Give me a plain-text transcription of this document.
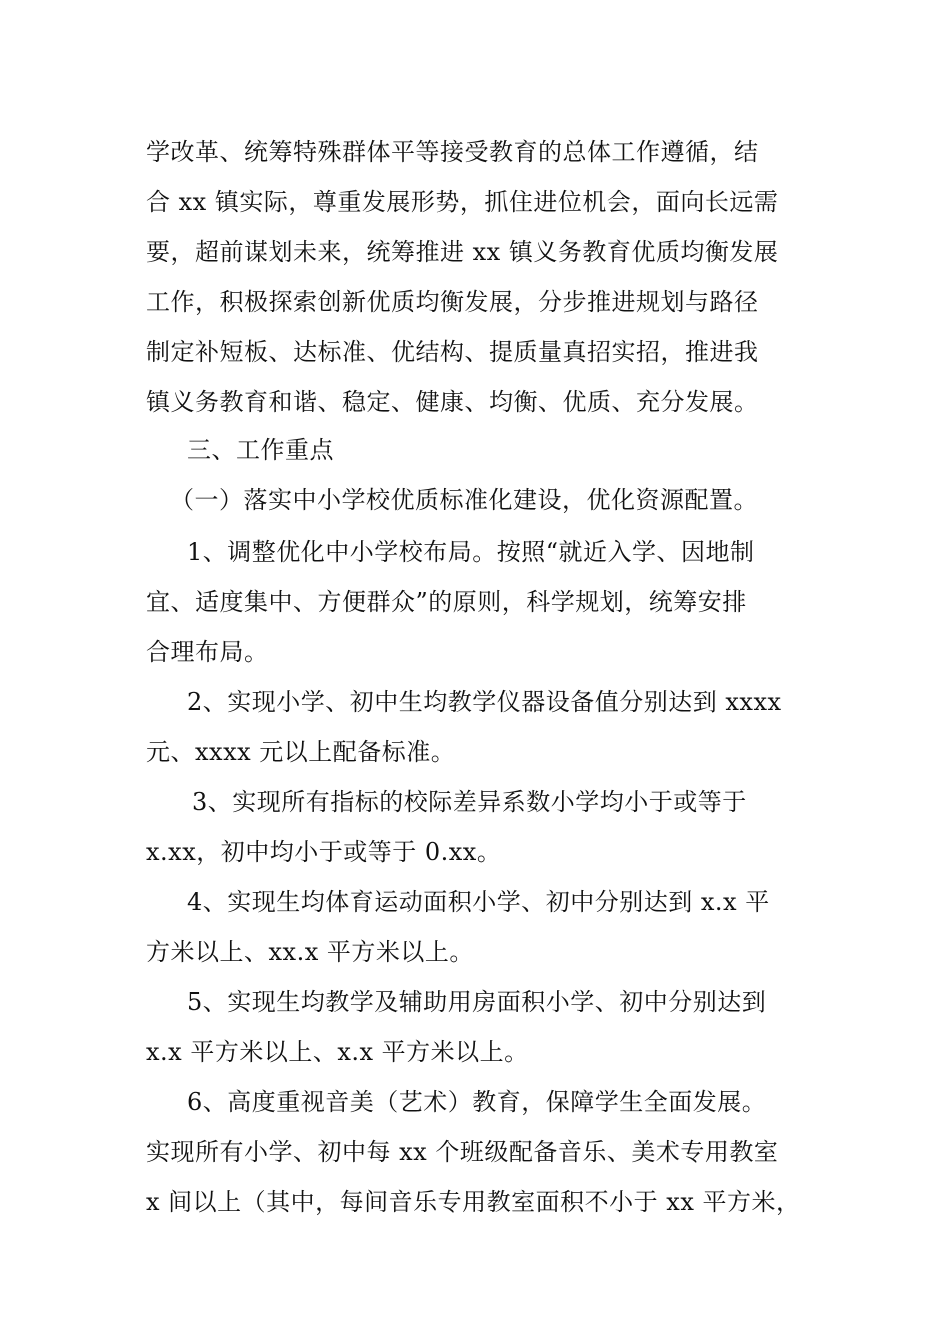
学改革、统筹特殊群体平等接受教育的总体工作遵循，结
合 xx 镇实际，尊重发展形势，抓住进位机会，面向长远需
要，超前谋划未来，统筹推进 xx 镇义务教育优质均衡发展
工作，积极探索创新优质均衡发展，分步推进规划与路径
制定补短板、达标准、优结构、提质量真招实招，推进我
镇义务教育和谐、稳定、健康、均衡、优质、充分发展。
三、工作重点
（一）落实中小学校优质标准化建设，优化资源配置。
1、调整优化中小学校布局。按照“就近入学、因地制
宜、适度集中、方便群众”的原则，科学规划，统筹安排
合理布局。
2、实现小学、初中生均教学仪器设备值分别达到 xxxx
元、xxxx 元以上配备标准。
3、实现所有指标的校际差异系数小学均小于或等于
x.xx，初中均小于或等于 0.xx。
4、实现生均体育运动面积小学、初中分别达到 x.x 平
方米以上、xx.x 平方米以上。
5、实现生均教学及辅助用房面积小学、初中分别达到
x.x 平方米以上、x.x 平方米以上。
6、高度重视音美（艺术）教育，保障学生全面发展。
实现所有小学、初中每 xx 个班级配备音乐、美术专用教室
x 间以上（其中，每间音乐专用教室面积不小于 xx 平方米，
